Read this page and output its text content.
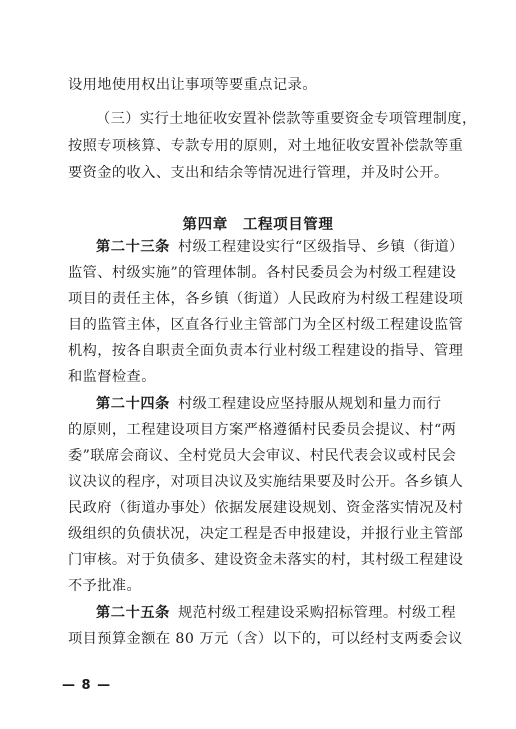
设用地使用权出让事项等要重点记录。
（三）实行土地征收安置补偿款等重要资金专项管理制度，
按照专项核算、专款专用的原则，对土地征收安置补偿款等重
要资金的收入、支出和结余等情况进行管理，并及时公开。
第四章　工程项目管理
第二十三条 村级工程建设实行“区级指导、乡镇（街道）
监管、村级实施”的管理体制。各村民委员会为村级工程建设
项目的责任主体，各乡镇（街道）人民政府为村级工程建设项
目的监管主体，区直各行业主管部门为全区村级工程建设监管
机构，按各自职责全面负责本行业村级工程建设的指导、管理
和监督检查。
第二十四条 村级工程建设应坚持服从规划和量力而行
的原则，工程建设项目方案严格遵循村民委员会提议、村“两
委”联席会商议、全村党员大会审议、村民代表会议或村民会
议决议的程序，对项目决议及实施结果要及时公开。各乡镇人
民政府（街道办事处）依据发展建设规划、资金落实情况及村
级组织的负债状况，决定工程是否申报建设，并报行业主管部
门审核。对于负债多、建设资金未落实的村，其村级工程建设
不予批准。
第二十五条 规范村级工程建设采购招标管理。村级工程
项目预算金额在 80 万元（含）以下的，可以经村支两委会议
— 8 —
